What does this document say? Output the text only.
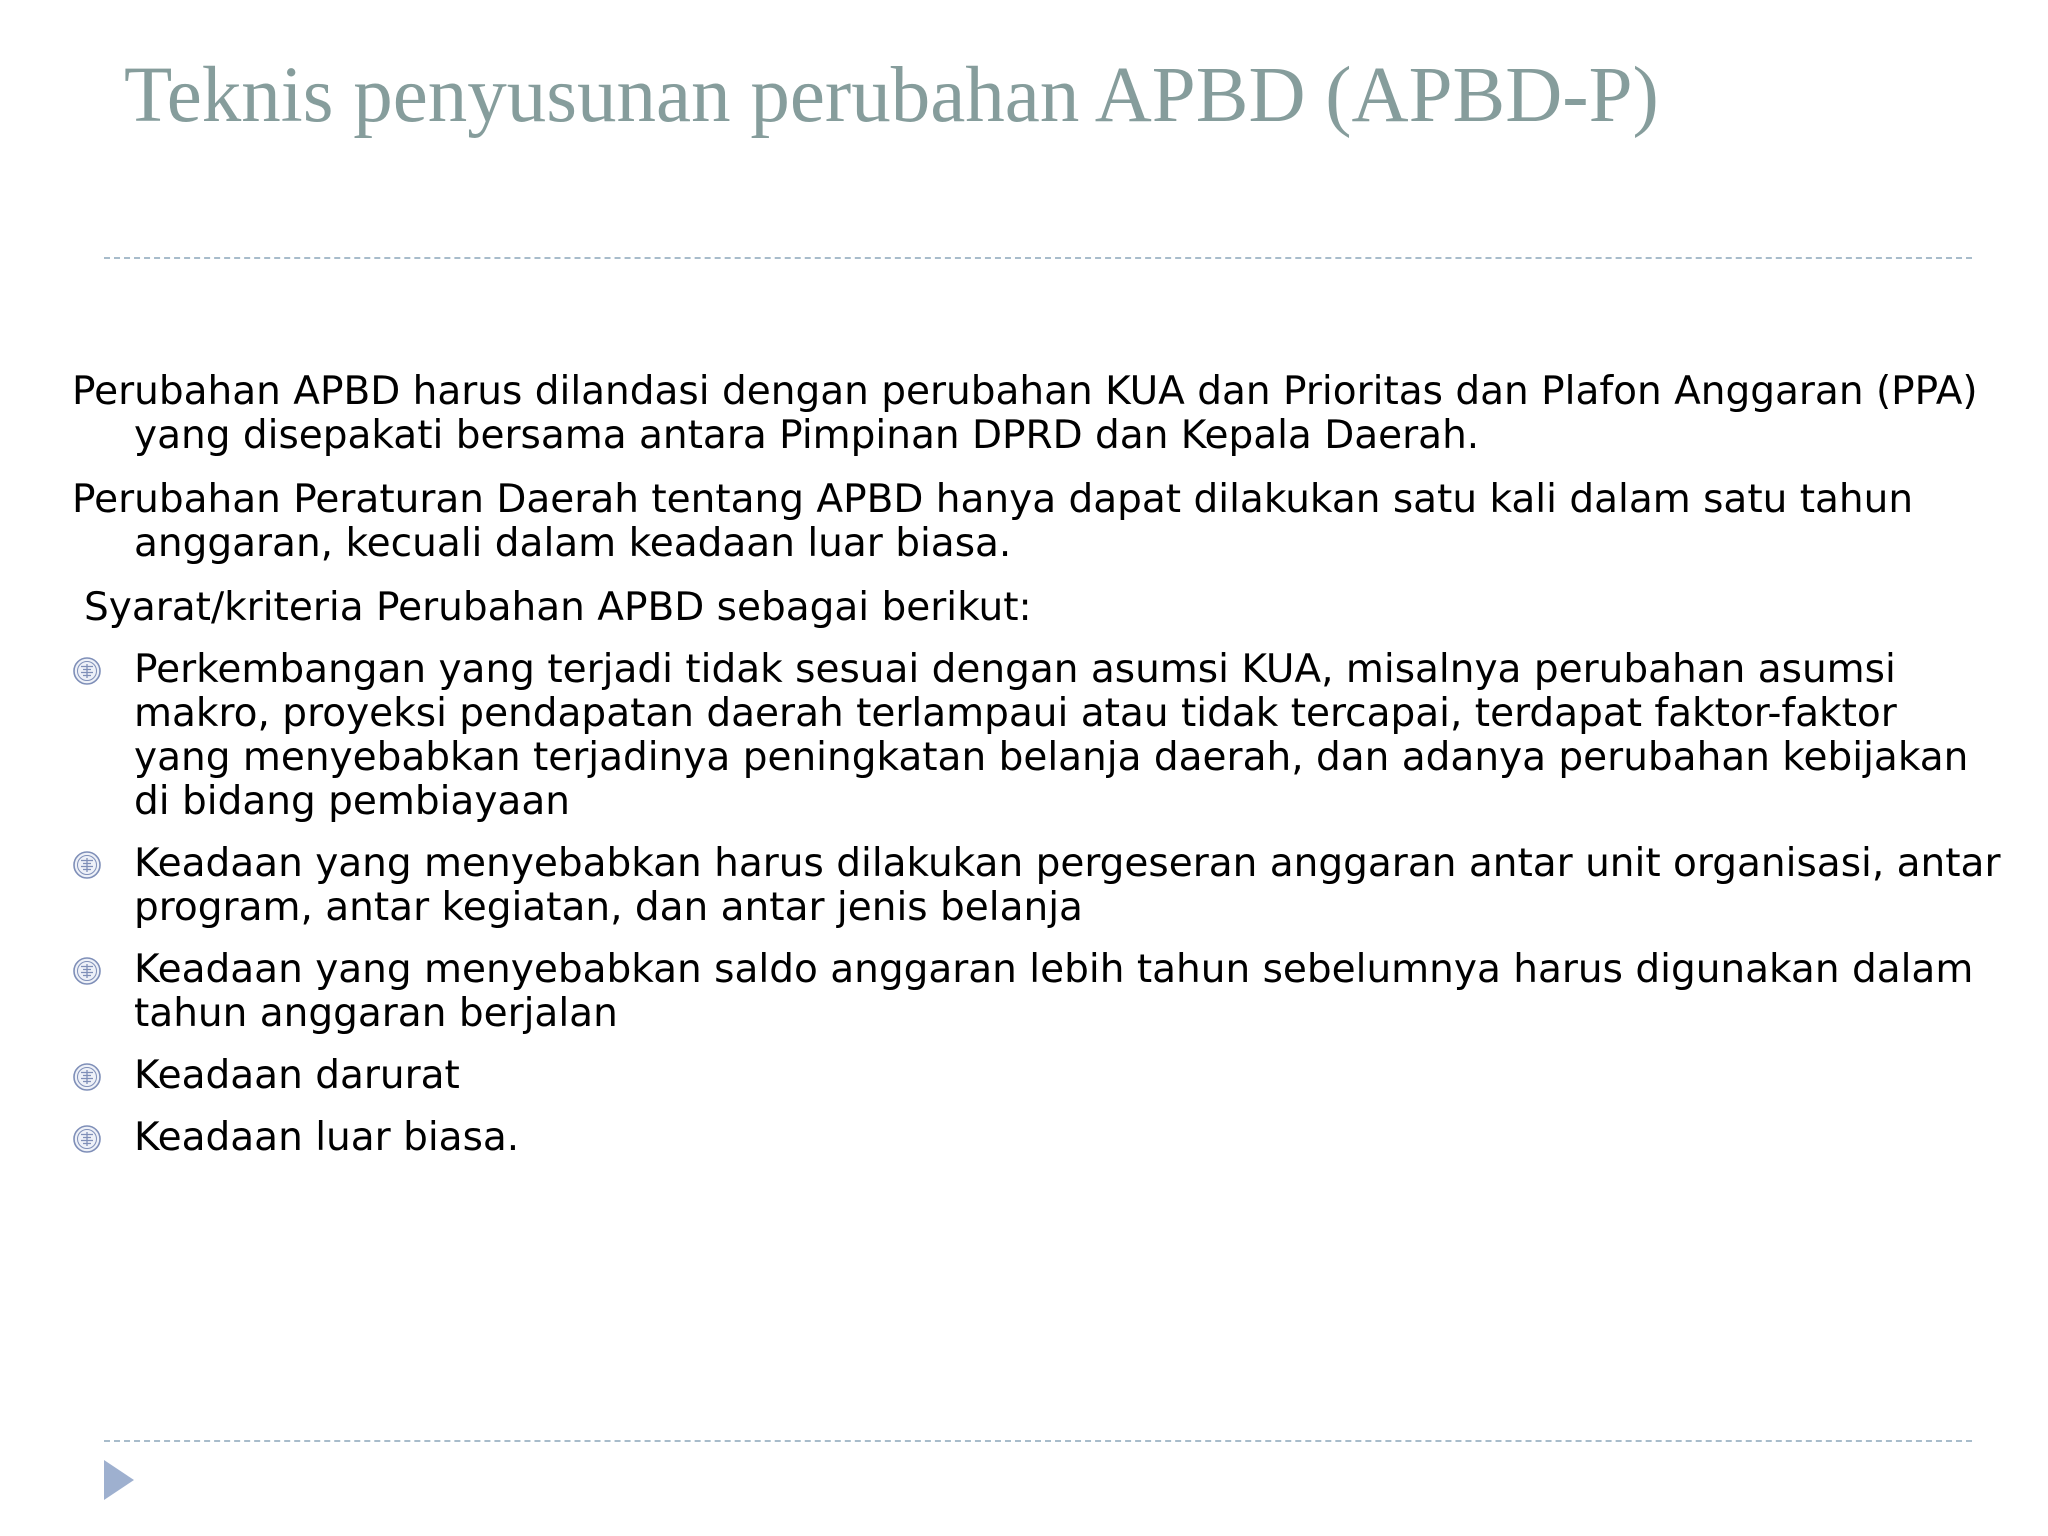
Teknis penyusunan perubahan APBD (APBD-P)

Perubahan APBD harus dilandasi dengan perubahan KUA dan Prioritas dan Plafon Anggaran (PPA) yang disepakati bersama antara Pimpinan DPRD dan Kepala Daerah.

Perubahan Peraturan Daerah tentang APBD hanya dapat dilakukan satu kali dalam satu tahun anggaran, kecuali dalam keadaan luar biasa.

Syarat/kriteria Perubahan APBD sebagai berikut:

Perkembangan yang terjadi tidak sesuai dengan asumsi KUA, misalnya perubahan asumsi makro, proyeksi pendapatan daerah terlampaui atau tidak tercapai, terdapat faktor-faktor yang menyebabkan terjadinya peningkatan belanja daerah, dan adanya perubahan kebijakan di bidang pembiayaan
Keadaan yang menyebabkan harus dilakukan pergeseran anggaran antar unit organisasi, antar program, antar kegiatan, dan antar jenis belanja
Keadaan yang menyebabkan saldo anggaran lebih tahun sebelumnya harus digunakan dalam tahun anggaran berjalan
Keadaan darurat
Keadaan luar biasa.
